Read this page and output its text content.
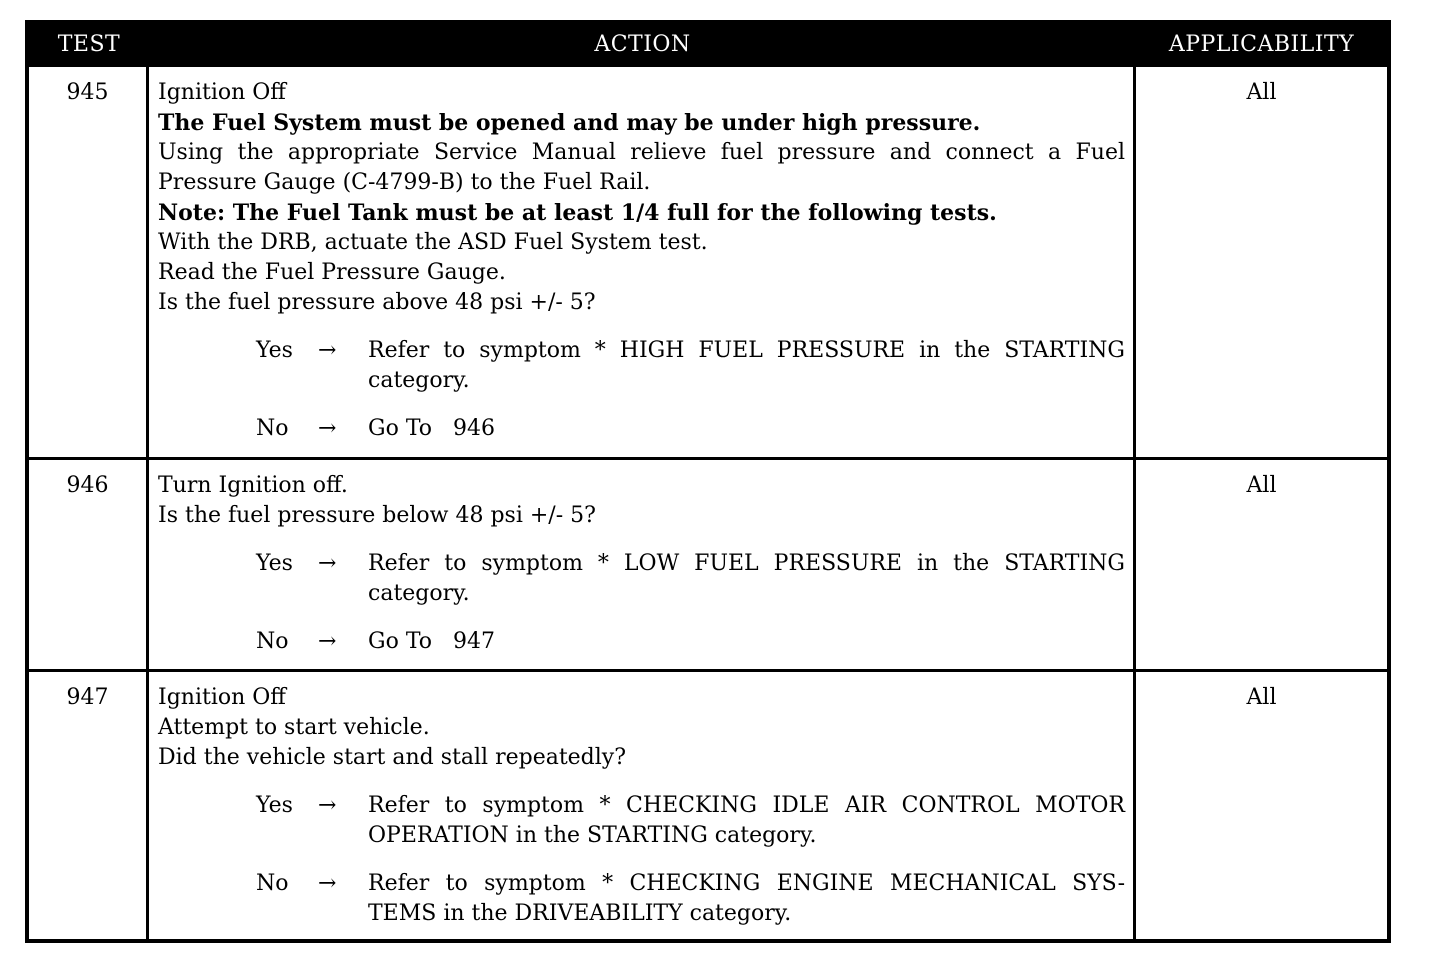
TEST	ACTION	APPLICABILITY
945	Ignition Off
The Fuel System must be opened and may be under high pressure.
Using the appropriate Service Manual relieve fuel pressure and connect a Fuel Pressure Gauge (C-4799-B) to the Fuel Rail.
Note: The Fuel Tank must be at least 1/4 full for the following tests.
With the DRB, actuate the ASD Fuel System test.
Read the Fuel Pressure Gauge.
Is the fuel pressure above 48 psi +/- 5?
Yes	→	Refer to symptom * HIGH FUEL PRESSURE in the STARTING category.
No	→	Go To   946
All
946	Turn Ignition off.
Is the fuel pressure below 48 psi +/- 5?
Yes	→	Refer to symptom * LOW FUEL PRESSURE in the STARTING category.
No	→	Go To   947
All
947	Ignition Off
Attempt to start vehicle.
Did the vehicle start and stall repeatedly?
Yes	→	Refer to symptom * CHECKING IDLE AIR CONTROL MOTOR OPERATION in the STARTING category.
No	→	Refer to symptom * CHECKING ENGINE MECHANICAL SYS- TEMS in the DRIVEABILITY category.
All
